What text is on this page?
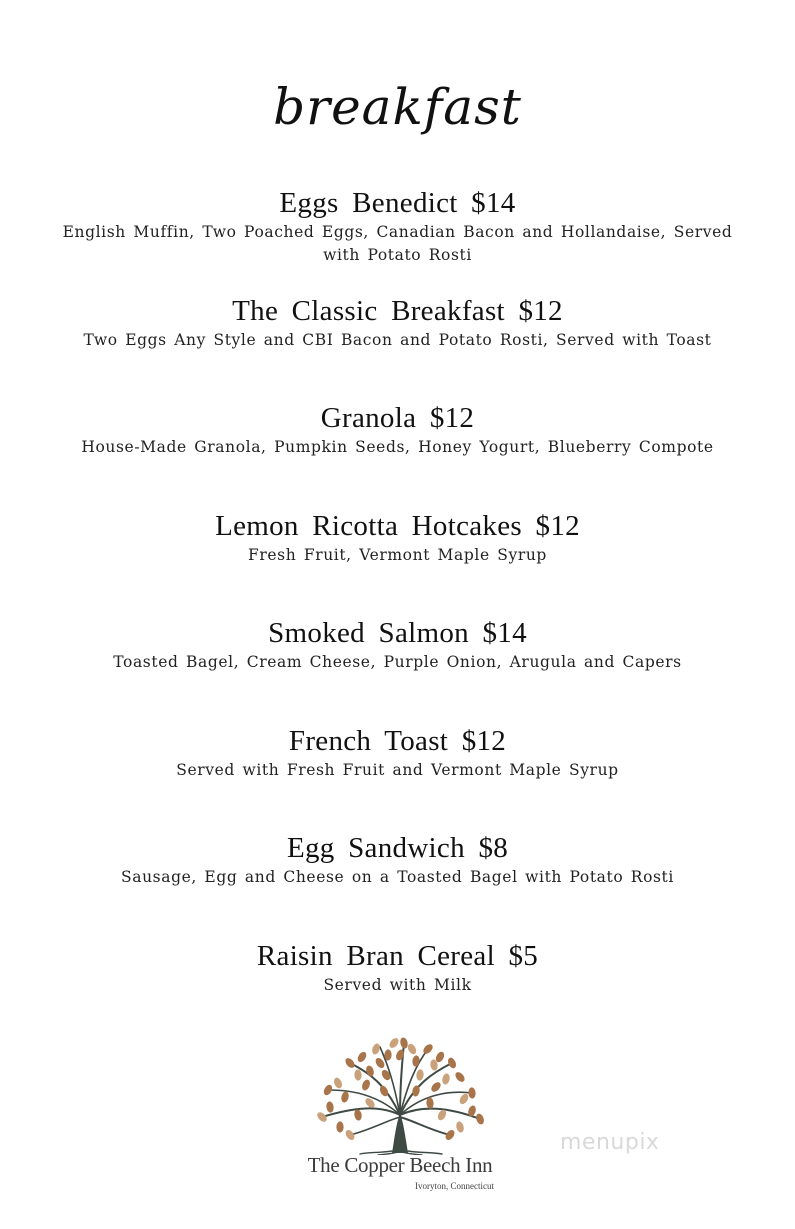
breakfast

Eggs Benedict $14

English Muffin, Two Poached Eggs, Canadian Bacon and Hollandaise, Served with Potato Rosti

The Classic Breakfast $12

Two Eggs Any Style and CBI Bacon and Potato Rosti, Served with Toast

Granola $12

House-Made Granola, Pumpkin Seeds, Honey Yogurt, Blueberry Compote

Lemon Ricotta Hotcakes $12

Fresh Fruit, Vermont Maple Syrup

Smoked Salmon $14

Toasted Bagel, Cream Cheese, Purple Onion, Arugula and Capers

French Toast $12

Served with Fresh Fruit and Vermont Maple Syrup

Egg Sandwich $8

Sausage, Egg and Cheese on a Toasted Bagel with Potato Rosti

Raisin Bran Cereal $5

Served with Milk

The Copper Beech Inn
Ivoryton, Connecticut
menupix
